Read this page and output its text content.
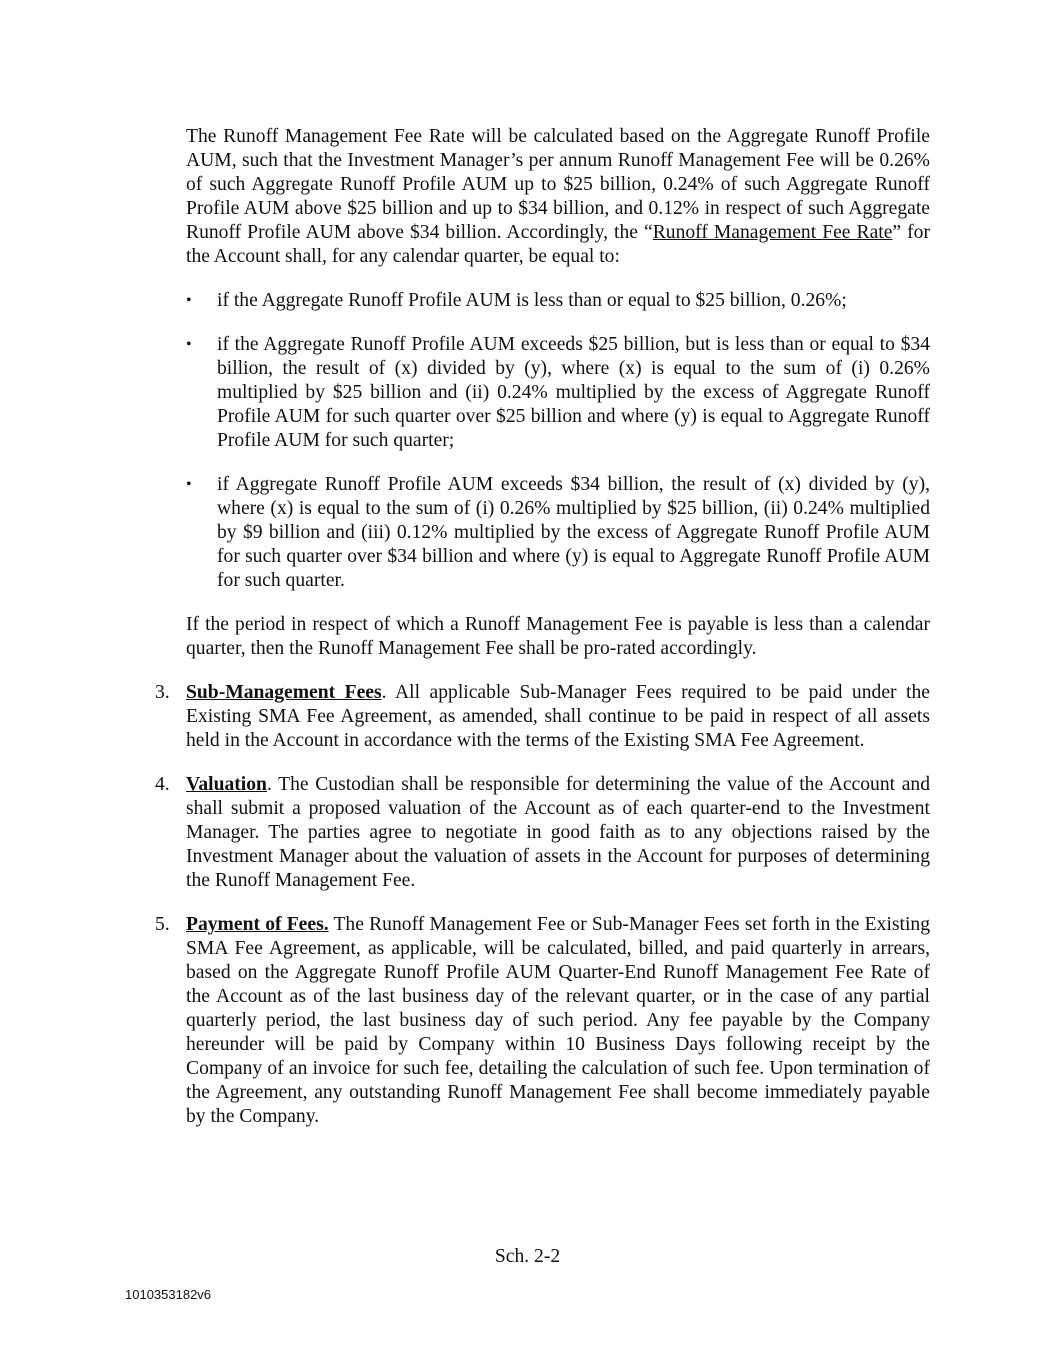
The Runoff Management Fee Rate will be calculated based on the Aggregate Runoff Profile AUM, such that the Investment Manager’s per annum Runoff Management Fee will be 0.26% of such Aggregate Runoff Profile AUM up to $25 billion, 0.24% of such Aggregate Runoff Profile AUM above $25 billion and up to $34 billion, and 0.12% in respect of such Aggregate Runoff Profile AUM above $34 billion. Accordingly, the “Runoff Management Fee Rate” for the Account shall, for any calendar quarter, be equal to:

• if the Aggregate Runoff Profile AUM is less than or equal to $25 billion, 0.26%;
• if the Aggregate Runoff Profile AUM exceeds $25 billion, but is less than or equal to $34 billion, the result of (x) divided by (y), where (x) is equal to the sum of (i) 0.26% multiplied by $25 billion and (ii) 0.24% multiplied by the excess of Aggregate Runoff Profile AUM for such quarter over $25 billion and where (y) is equal to Aggregate Runoff Profile AUM for such quarter;
• if Aggregate Runoff Profile AUM exceeds $34 billion, the result of (x) divided by (y), where (x) is equal to the sum of (i) 0.26% multiplied by $25 billion, (ii) 0.24% multiplied by $9 billion and (iii) 0.12% multiplied by the excess of Aggregate Runoff Profile AUM for such quarter over $34 billion and where (y) is equal to Aggregate Runoff Profile AUM for such quarter.

If the period in respect of which a Runoff Management Fee is payable is less than a calendar quarter, then the Runoff Management Fee shall be pro-rated accordingly.

3. Sub-Management Fees. All applicable Sub-Manager Fees required to be paid under the Existing SMA Fee Agreement, as amended, shall continue to be paid in respect of all assets held in the Account in accordance with the terms of the Existing SMA Fee Agreement.
4. Valuation. The Custodian shall be responsible for determining the value of the Account and shall submit a proposed valuation of the Account as of each quarter-end to the Investment Manager. The parties agree to negotiate in good faith as to any objections raised by the Investment Manager about the valuation of assets in the Account for purposes of determining the Runoff Management Fee.
5. Payment of Fees. The Runoff Management Fee or Sub-Manager Fees set forth in the Existing SMA Fee Agreement, as applicable, will be calculated, billed, and paid quarterly in arrears, based on the Aggregate Runoff Profile AUM Quarter-End Runoff Management Fee Rate of the Account as of the last business day of the relevant quarter, or in the case of any partial quarterly period, the last business day of such period. Any fee payable by the Company hereunder will be paid by Company within 10 Business Days following receipt by the Company of an invoice for such fee, detailing the calculation of such fee. Upon termination of the Agreement, any outstanding Runoff Management Fee shall become immediately payable by the Company.
Sch. 2-2
1010353182v6
